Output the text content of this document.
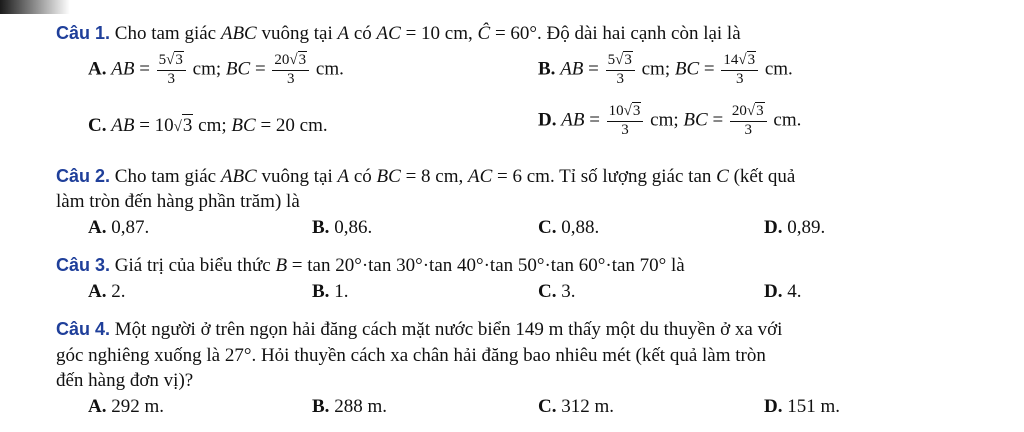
Câu 1. Cho tam giác ABC vuông tại A có AC = 10 cm, Ĉ = 60°. Độ dài hai cạnh còn lại là
A. AB = $\frac{5√3}{3}$ cm; BC = $\frac{20√3}{3}$ cm.	B. AB = $\frac{5√3}{3}$ cm; BC = $\frac{14√3}{3}$ cm.
C. AB = 10√3 cm; BC = 20 cm.	D. AB = $\frac{10√3}{3}$ cm; BC = $\frac{20√3}{3}$ cm.
Câu 2. Cho tam giác ABC vuông tại A có BC = 8 cm, AC = 6 cm. Tỉ số lượng giác tan C (kết quả
làm tròn đến hàng phần trăm) là
A. 0,87.	B. 0,86.	C. 0,88.	D. 0,89.
Câu 3. Giá trị của biểu thức B = tan 20°·tan 30°·tan 40°·tan 50°·tan 60°·tan 70° là
A. 2.	B. 1.	C. 3.	D. 4.
Câu 4. Một người ở trên ngọn hải đăng cách mặt nước biển 149 m thấy một du thuyền ở xa với
góc nghiêng xuống là 27°. Hỏi thuyền cách xa chân hải đăng bao nhiêu mét (kết quả làm tròn
đến hàng đơn vị)?
A. 292 m.	B. 288 m.	C. 312 m.	D. 151 m.
